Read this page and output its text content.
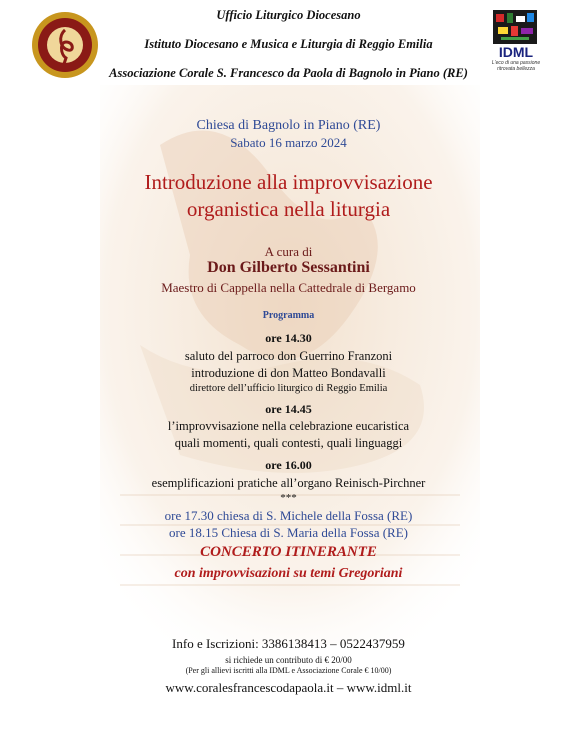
IDML
L'eco di una passione
ritrovata bellezza
Ufficio Liturgico Diocesano
Istituto Diocesano e Musica e Liturgia di Reggio Emilia
Associazione Corale S. Francesco da Paola di Bagnolo in Piano (RE)
Chiesa di Bagnolo in Piano (RE)
Sabato 16 marzo 2024
Introduzione alla improvvisazione
organistica nella liturgia
A cura di
Don Gilberto Sessantini
Maestro di Cappella nella Cattedrale di Bergamo
Programma
ore 14.30
saluto del parroco don Guerrino Franzoni
introduzione di don Matteo Bondavalli
direttore dell’ufficio liturgico di Reggio Emilia
ore 14.45
l’improvvisazione nella celebrazione eucaristica
quali momenti, quali contesti, quali linguaggi
ore 16.00
esemplificazioni pratiche all’organo Reinisch-Pirchner
***
ore 17.30 chiesa di S. Michele della Fossa (RE)
ore 18.15 Chiesa di S. Maria della Fossa (RE)
CONCERTO ITINERANTE
con improvvisazioni su temi Gregoriani
Info e Iscrizioni: 3386138413 – 0522437959
si richiede un contributo di € 20/00
(Per gli allievi iscritti alla IDML e Associazione Corale € 10/00)
www.coralesfrancescodapaola.it – www.idml.it
